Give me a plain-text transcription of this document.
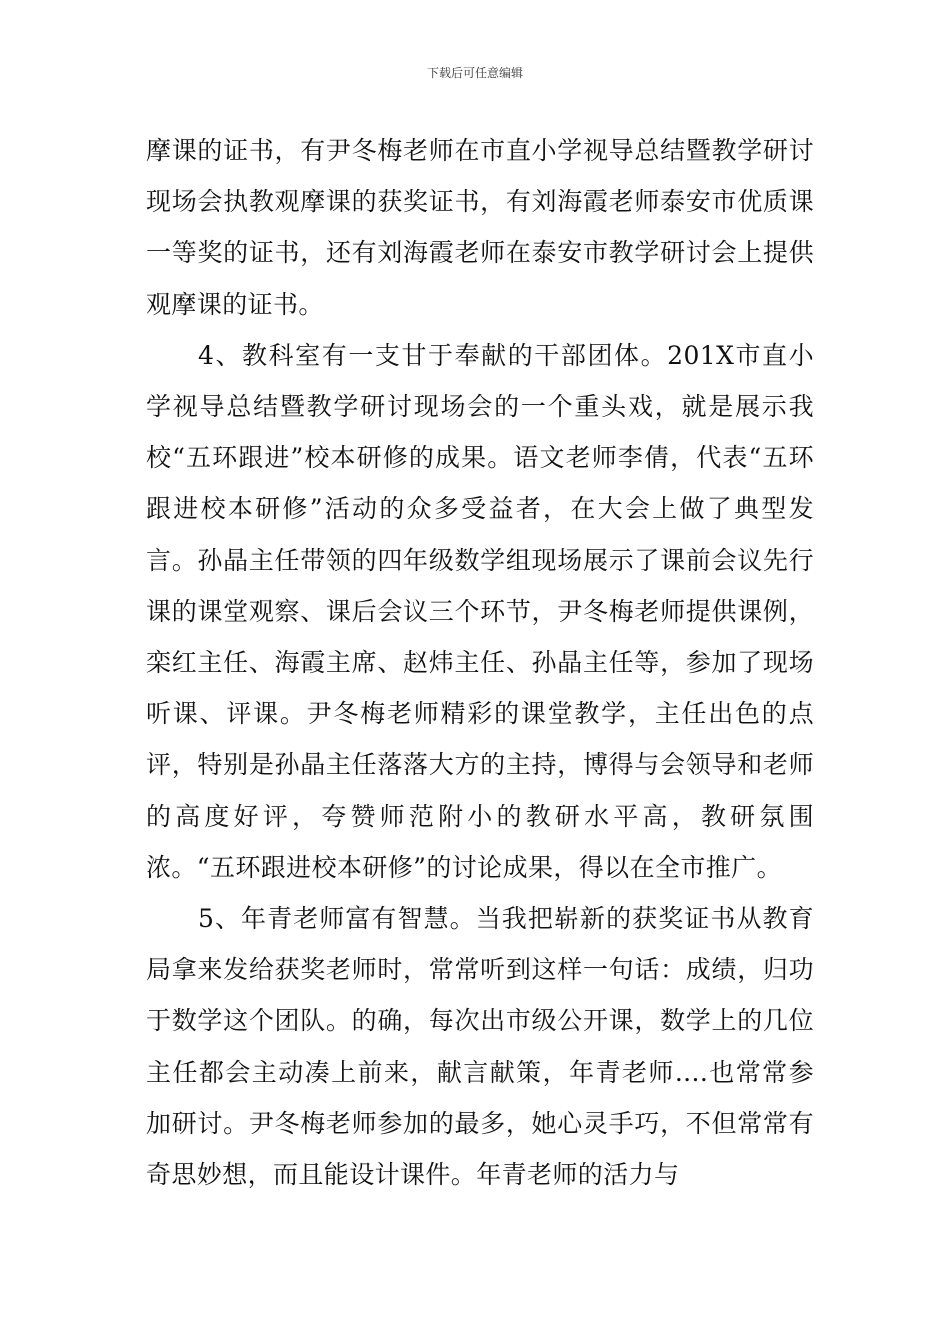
下载后可任意编辑

摩课的证书，有尹冬梅老师在市直小学视导总结暨教学研讨现场会执教观摩课的获奖证书，有刘海霞老师泰安市优质课一等奖的证书，还有刘海霞老师在泰安市教学研讨会上提供观摩课的证书。

4、教科室有一支甘于奉献的干部团体。201X市直小学视导总结暨教学研讨现场会的一个重头戏，就是展示我校“五环跟进”校本研修的成果。语文老师李倩，代表“五环跟进校本研修”活动的众多受益者，在大会上做了典型发言。孙晶主任带领的四年级数学组现场展示了课前会议先行课的课堂观察、课后会议三个环节，尹冬梅老师提供课例，栾红主任、海霞主席、赵炜主任、孙晶主任等，参加了现场听课、评课。尹冬梅老师精彩的课堂教学，主任出色的点评，特别是孙晶主任落落大方的主持，博得与会领导和老师的高度好评，夸赞师范附小的教研水平高，教研氛围浓。“五环跟进校本研修”的讨论成果，得以在全市推广。

5、年青老师富有智慧。当我把崭新的获奖证书从教育局拿来发给获奖老师时，常常听到这样一句话：成绩，归功于数学这个团队。的确，每次出市级公开课，数学上的几位主任都会主动凑上前来，献言献策，年青老师....也常常参加研讨。尹冬梅老师参加的最多，她心灵手巧，不但常常有奇思妙想，而且能设计课件。年青老师的活力与
